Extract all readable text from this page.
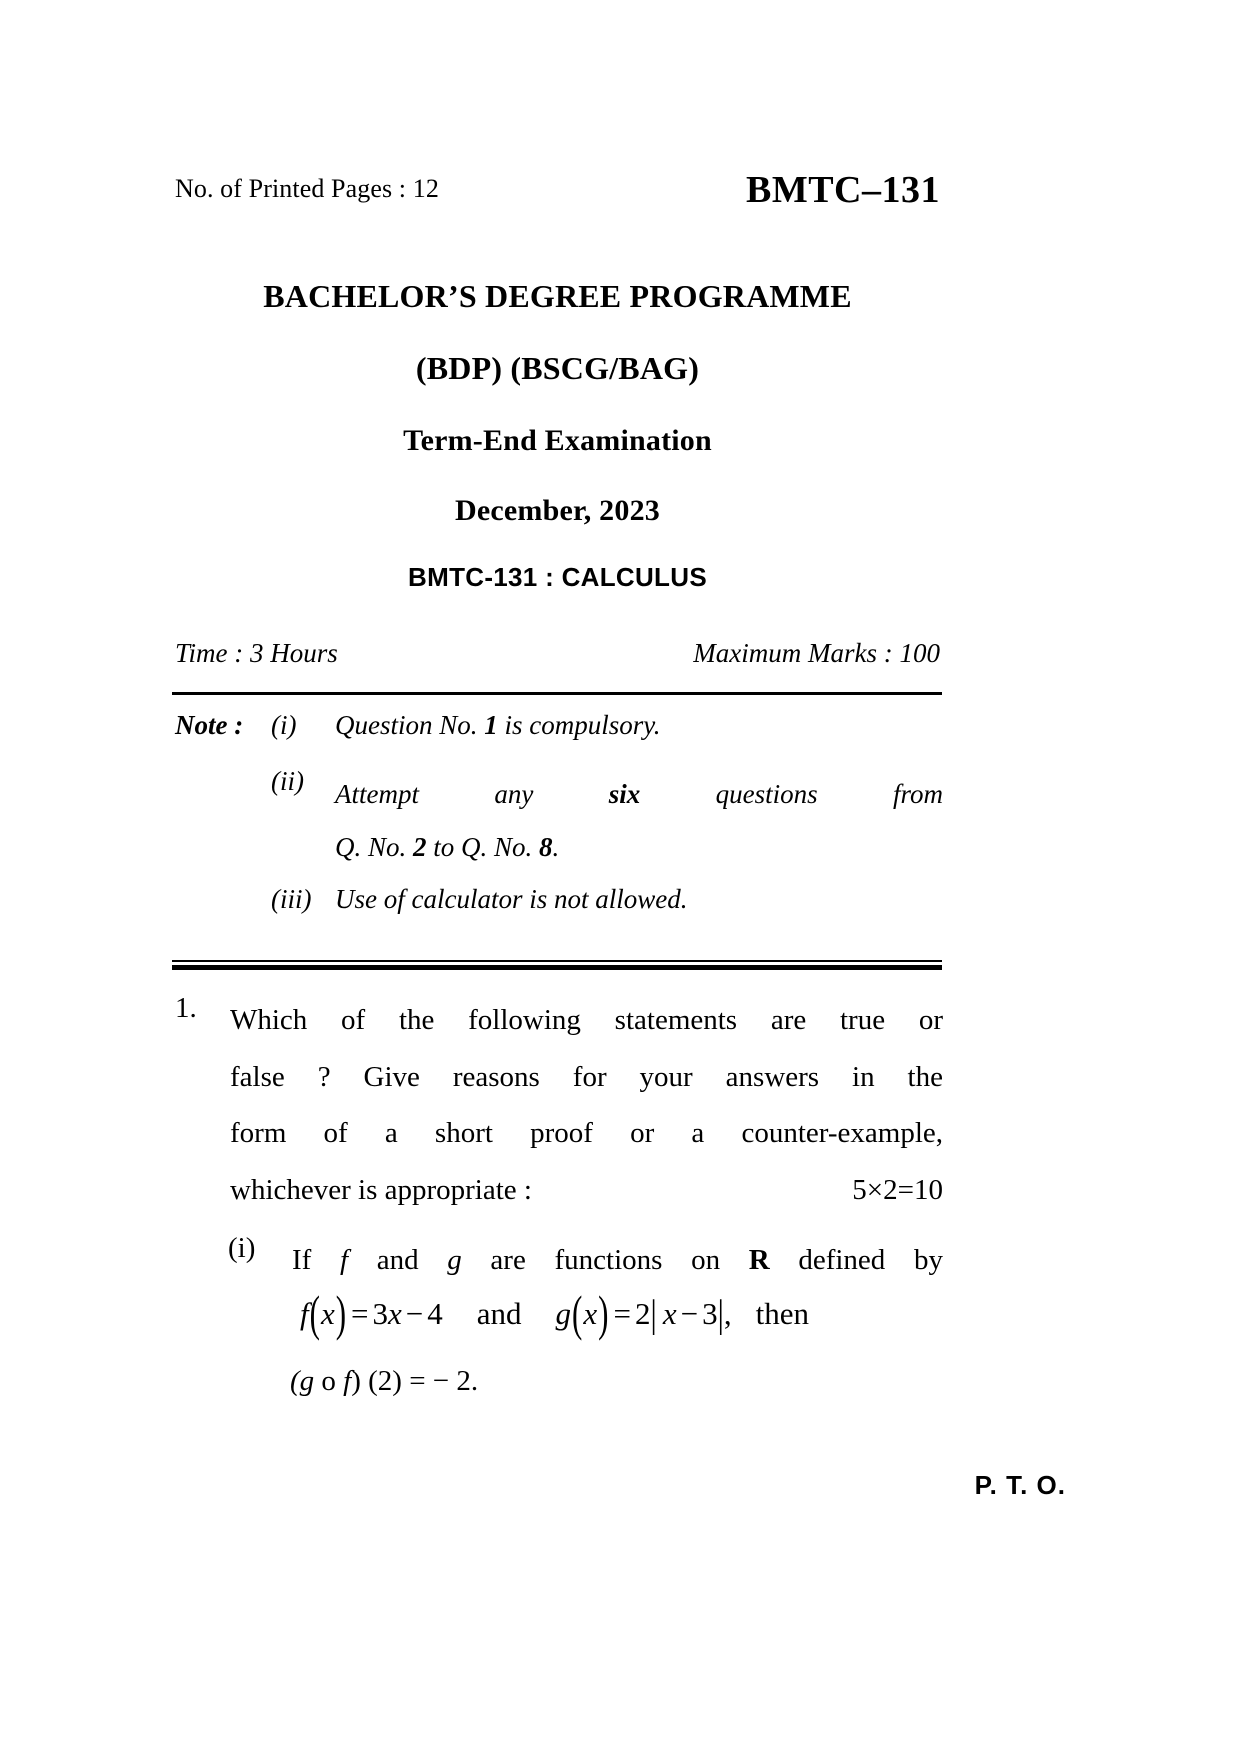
No. of Printed Pages : 12	BMTC–131
BACHELOR’S DEGREE PROGRAMME
(BDP) (BSCG/BAG)
Term-End Examination
December, 2023
BMTC-131 : CALCULUS
Time : 3 Hours	Maximum Marks : 100
Note : (i) Question No. 1 is compulsory.
(ii) Attempt any six questions from
Q. No. 2 to Q. No. 8.
(iii) Use of calculator is not allowed.
1. Which of the following statements are true or
false ? Give reasons for your answers in the
form of a short proof or a counter-example,
whichever is appropriate :	5×2=10
(i) If f and g are functions on R defined by
f(x) = 3x − 4 and g(x) = 2| x − 3|, then
(g o f) (2) = − 2.
P. T. O.
